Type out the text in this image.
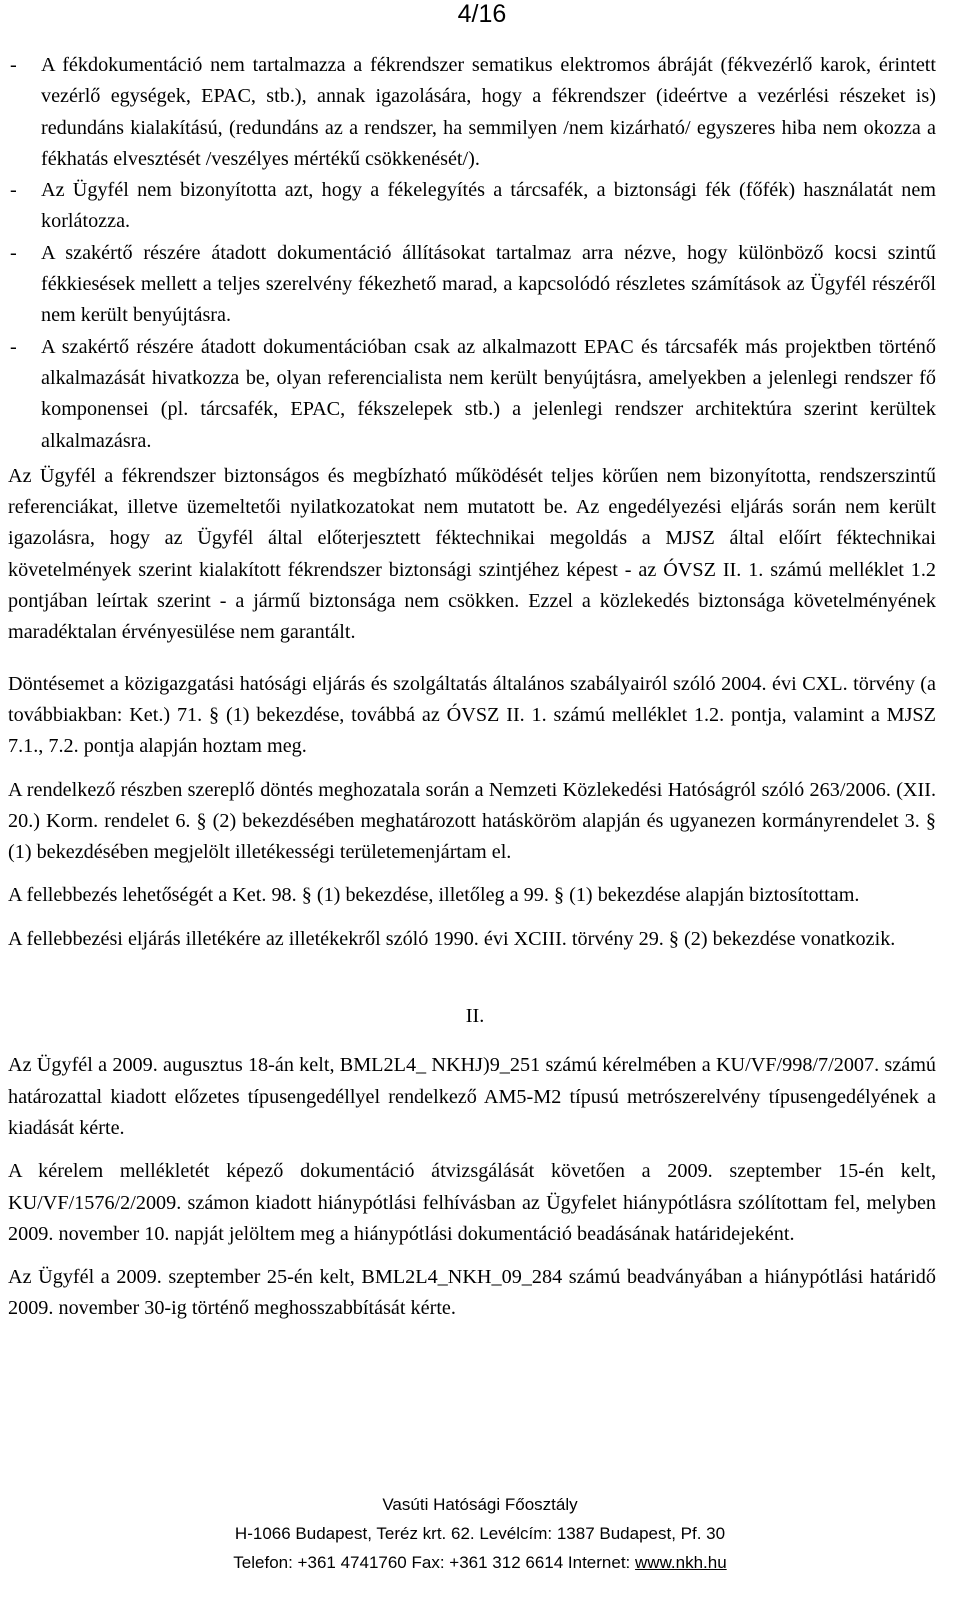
4/16
- A fékdokumentáció nem tartalmazza a fékrendszer sematikus elektromos ábráját (fékvezérlő karok, érintett vezérlő egységek, EPAC, stb.), annak igazolására, hogy a fékrendszer (ideértve a vezérlési részeket is) redundáns kialakítású, (redundáns az a rendszer, ha semmilyen /nem kizárható/ egyszeres hiba nem okozza a fékhatás elvesztését /veszélyes mértékű csökkenését/).
- Az Ügyfél nem bizonyította azt, hogy a fékelegyítés a tárcsafék, a biztonsági fék (főfék) használatát nem korlátozza.
- A szakértő részére átadott dokumentáció állításokat tartalmaz arra nézve, hogy különböző kocsi szintű fékkiesések mellett a teljes szerelvény fékezhető marad, a kapcsolódó részletes számítások az Ügyfél részéről nem került benyújtásra.
- A szakértő részére átadott dokumentációban csak az alkalmazott EPAC és tárcsafék más projektben történő alkalmazását hivatkozza be, olyan referencialista nem került benyújtásra, amelyekben a jelenlegi rendszer fő komponensei (pl. tárcsafék, EPAC, fékszelepek stb.) a jelenlegi rendszer architektúra szerint kerültek alkalmazásra.

Az Ügyfél a fékrendszer biztonságos és megbízható működését teljes körűen nem bizonyította, rendszerszintű referenciákat, illetve üzemeltetői nyilatkozatokat nem mutatott be. Az engedélyezési eljárás során nem került igazolásra, hogy az Ügyfél által előterjesztett féktechnikai megoldás a MJSZ által előírt féktechnikai követelmények szerint kialakított fékrendszer biztonsági szintjéhez képest - az ÓVSZ II. 1. számú melléklet 1.2 pontjában leírtak szerint - a jármű biztonsága nem csökken. Ezzel a közlekedés biztonsága követelményének maradéktalan érvényesülése nem garantált.

Döntésemet a közigazgatási hatósági eljárás és szolgáltatás általános szabályairól szóló 2004. évi CXL. törvény (a továbbiakban: Ket.) 71. § (1) bekezdése, továbbá az ÓVSZ II. 1. számú melléklet 1.2. pontja, valamint a MJSZ 7.1., 7.2. pontja alapján hoztam meg.

A rendelkező részben szereplő döntés meghozatala során a Nemzeti Közlekedési Hatóságról szóló 263/2006. (XII. 20.) Korm. rendelet 6. § (2) bekezdésében meghatározott hatásköröm alapján és ugyanezen kormányrendelet 3. § (1) bekezdésében megjelölt illetékességi területemenjártam el.

A fellebbezés lehetőségét a Ket. 98. § (1) bekezdése, illetőleg a 99. § (1) bekezdése alapján biztosítottam.

A fellebbezési eljárás illetékére az illetékekről szóló 1990. évi XCIII. törvény 29. § (2) bekezdése vonatkozik.

II.

Az Ügyfél a 2009. augusztus 18-án kelt, BML2L4_ NKHJ)9_251 számú kérelmében a KU/VF/998/7/2007. számú határozattal kiadott előzetes típusengedéllyel rendelkező AM5-M2 típusú metrószerelvény típusengedélyének a kiadását kérte.

A kérelem mellékletét képező dokumentáció átvizsgálását követően a 2009. szeptember 15-én kelt, KU/VF/1576/2/2009. számon kiadott hiánypótlási felhívásban az Ügyfelet hiánypótlásra szólítottam fel, melyben 2009. november 10. napját jelöltem meg a hiánypótlási dokumentáció beadásának határidejeként.

Az Ügyfél a 2009. szeptember 25-én kelt, BML2L4_NKH_09_284 számú beadványában a hiánypótlási határidő 2009. november 30-ig történő meghosszabbítását kérte.

Vasúti Hatósági Főosztály
H-1066 Budapest, Teréz krt. 62. Levélcím: 1387 Budapest, Pf. 30
Telefon: +361 4741760 Fax: +361 312 6614 Internet: www.nkh.hu
